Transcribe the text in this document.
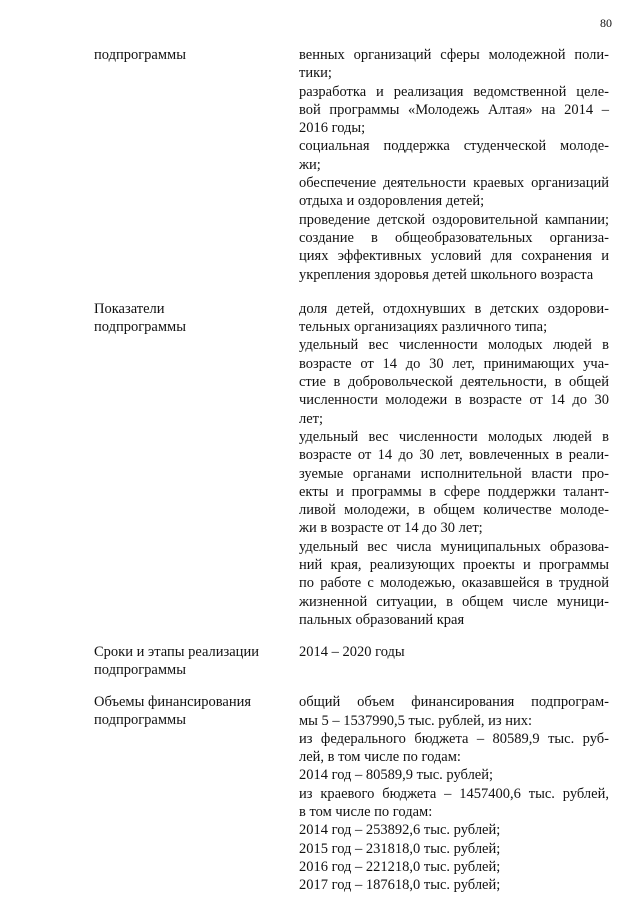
80
подпрограммы	венных организаций сферы молодежной поли-
тики;
разработка и реализация ведомственной целе-
вой программы «Молодежь Алтая» на 2014 –
2016 годы;
социальная поддержка студенческой молоде-
жи;
обеспечение деятельности краевых организаций
отдыха и оздоровления детей;
проведение детской оздоровительной кампании;
создание в общеобразовательных организа-
циях эффективных условий для сохранения и
укрепления здоровья детей школьного возраста
Показатели
подпрограммы
доля детей, отдохнувших в детских оздорови-
тельных организациях различного типа;
удельный вес численности молодых людей в
возрасте от 14 до 30 лет, принимающих уча-
стие в добровольческой деятельности, в общей
численности молодежи в возрасте от 14 до 30
лет;
удельный вес численности молодых людей в
возрасте от 14 до 30 лет, вовлеченных в реали-
зуемые органами исполнительной власти про-
екты и программы в сфере поддержки талант-
ливой молодежи, в общем количестве молоде-
жи в возрасте от 14 до 30 лет;
удельный вес числа муниципальных образова-
ний края, реализующих проекты и программы
по работе с молодежью, оказавшейся в трудной
жизненной ситуации, в общем числе муници-
пальных образований края
Сроки и этапы реализации
подпрограммы
2014 – 2020 годы
Объемы финансирования
подпрограммы
общий объем финансирования подпрограм-
мы 5 – 1537990,5 тыс. рублей, из них:
из федерального бюджета – 80589,9 тыс. руб-
лей, в том числе по годам:
2014 год – 80589,9 тыс. рублей;
из краевого бюджета – 1457400,6 тыс. рублей,
в том числе по годам:
2014 год – 253892,6 тыс. рублей;
2015 год – 231818,0 тыс. рублей;
2016 год – 221218,0 тыс. рублей;
2017 год – 187618,0 тыс. рублей;
